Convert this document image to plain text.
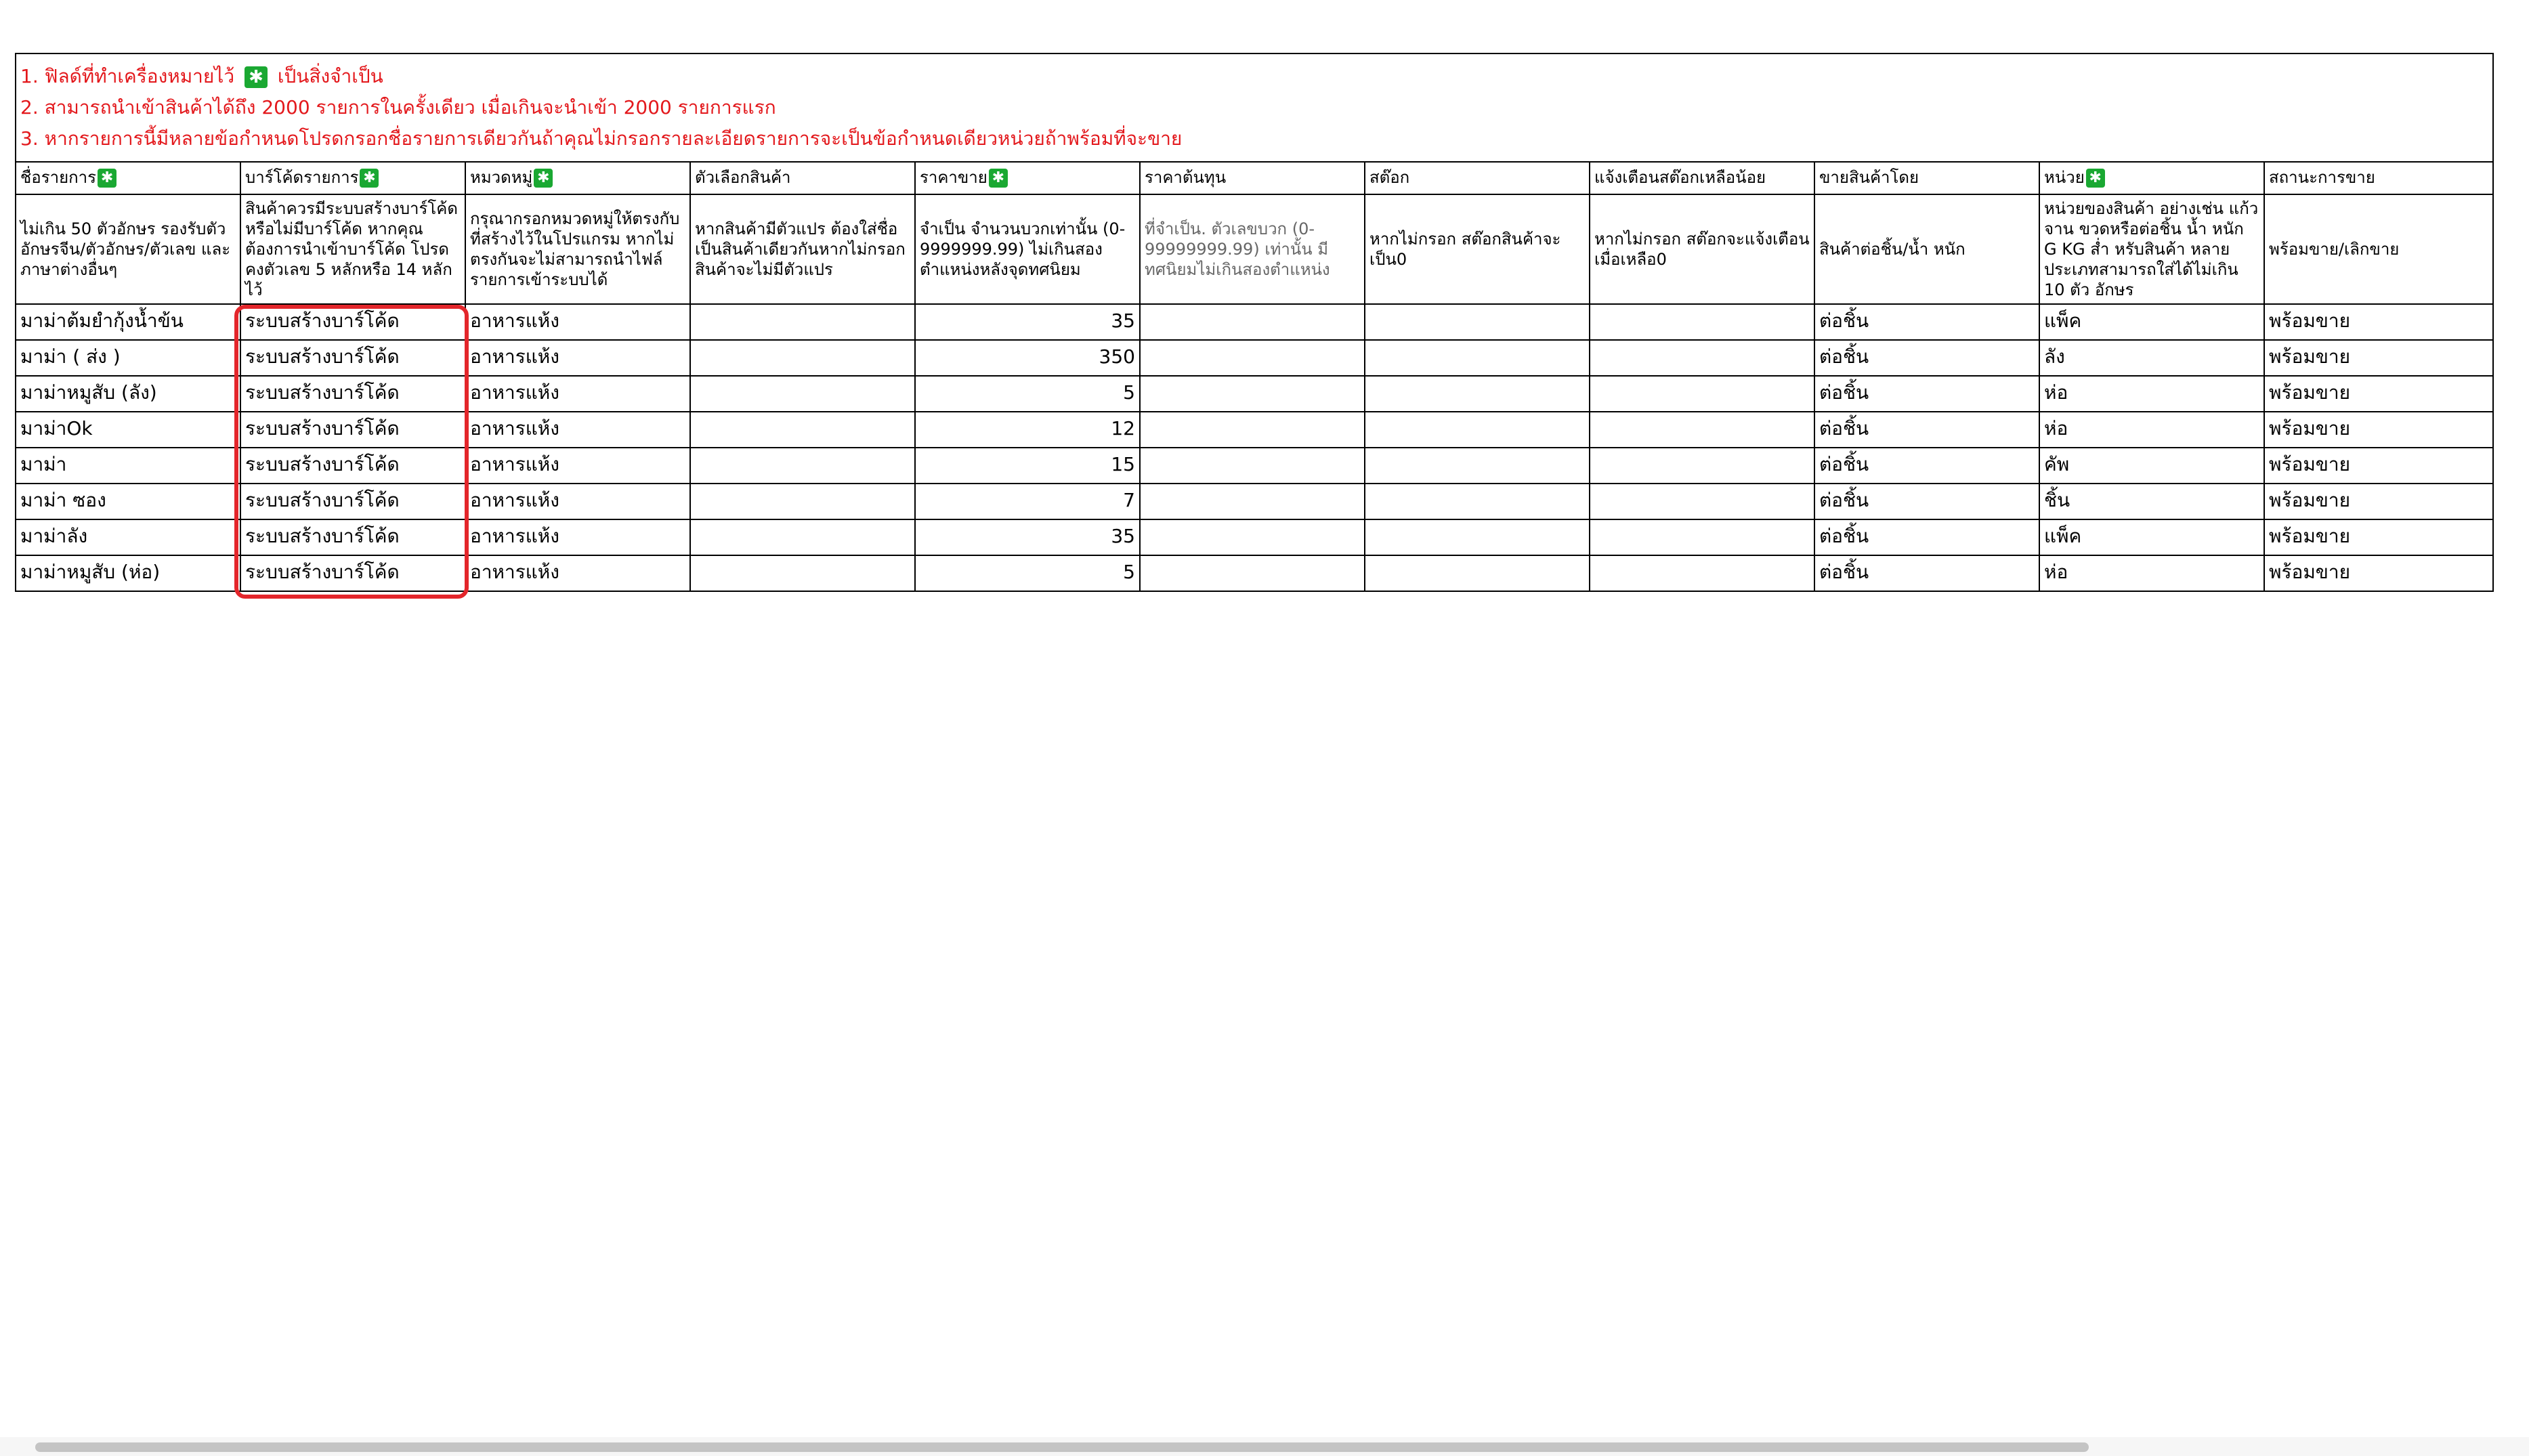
1. ฟิลด์ที่ทำเครื่องหมายไว้ ✱ เป็นสิ่งจำเป็น
2. สามารถนำเข้าสินค้าได้ถึง 2000 รายการในครั้งเดียว เมื่อเกินจะนำเข้า 2000 รายการแรก
3. หากรายการนี้มีหลายข้อกำหนดโปรดกรอกชื่อรายการเดียวกันถ้าคุณไม่กรอกรายละเอียดรายการจะเป็นข้อกำหนดเดียวหน่วยถ้าพร้อมที่จะขาย										

ชื่อรายการ ✱	บาร์โค้ดรายการ ✱	หมวดหมู่ ✱	ตัวเลือกสินค้า	ราคาขาย ✱	ราคาต้นทุน	สต๊อก	แจ้งเตือนสต๊อกเหลือน้อย	ขายสินค้าโดย	หน่วย ✱	สถานะการขาย
ไม่เกิน 50 ตัวอักษร รองรับตัวอักษรจีน/ตัวอักษร/ตัวเลข และภาษาต่างอื่นๆ	สินค้าควรมีระบบสร้างบาร์โค้ดหรือไม่มีบาร์โค้ด หากคุณต้องการนำเข้าบาร์โค้ด โปรดคงตัวเลข 5 หลักหรือ 14 หลักไว้	กรุณากรอกหมวดหมู่ให้ตรงกับที่สร้างไว้ในโปรแกรม หากไม่ตรงกันจะไม่สามารถนำไฟล์รายการเข้าระบบได้	หากสินค้ามีตัวแปร ต้องใส่ชื่อเป็นสินค้าเดียวกันหากไม่กรอกสินค้าจะไม่มีตัวแปร	จำเป็น จำนวนบวกเท่านั้น (0-9999999.99) ไม่เกินสองตำแหน่งหลังจุดทศนิยม	ที่จำเป็น. ตัวเลขบวก (0-99999999.99) เท่านั้น มีทศนิยมไม่เกินสองตำแหน่ง	หากไม่กรอก สต๊อกสินค้าจะเป็น0	หากไม่กรอก สต๊อกจะแจ้งเตือนเมื่อเหลือ0	สินค้าต่อชิ้น/น้ำ หนัก	หน่วยของสินค้า อย่างเช่น แก้ว จาน ขวดหรือต่อชิ้น น้ำ หนัก G KG ส่ำ หรับสินค้า หลายประเภทสามารถใส่ได้ไม่เกิน 10 ตัว อักษร	พร้อมขาย/เลิกขาย
มาม่าต้มยำกุ้งน้ำข้น	ระบบสร้างบาร์โค้ด	อาหารแห้ง		35				ต่อชิ้น	แพ็ค	พร้อมขาย
มาม่า ( ส่ง )	ระบบสร้างบาร์โค้ด	อาหารแห้ง		350				ต่อชิ้น	ลัง	พร้อมขาย
มาม่าหมูสับ (ลัง)	ระบบสร้างบาร์โค้ด	อาหารแห้ง		5				ต่อชิ้น	ห่อ	พร้อมขาย
มาม่าOk	ระบบสร้างบาร์โค้ด	อาหารแห้ง		12				ต่อชิ้น	ห่อ	พร้อมขาย
มาม่า	ระบบสร้างบาร์โค้ด	อาหารแห้ง		15				ต่อชิ้น	คัพ	พร้อมขาย
มาม่า ซอง	ระบบสร้างบาร์โค้ด	อาหารแห้ง		7				ต่อชิ้น	ชิ้น	พร้อมขาย
มาม่าลัง	ระบบสร้างบาร์โค้ด	อาหารแห้ง		35				ต่อชิ้น	แพ็ค	พร้อมขาย
มาม่าหมูสับ (ห่อ)	ระบบสร้างบาร์โค้ด	อาหารแห้ง		5				ต่อชิ้น	ห่อ	พร้อมขาย
